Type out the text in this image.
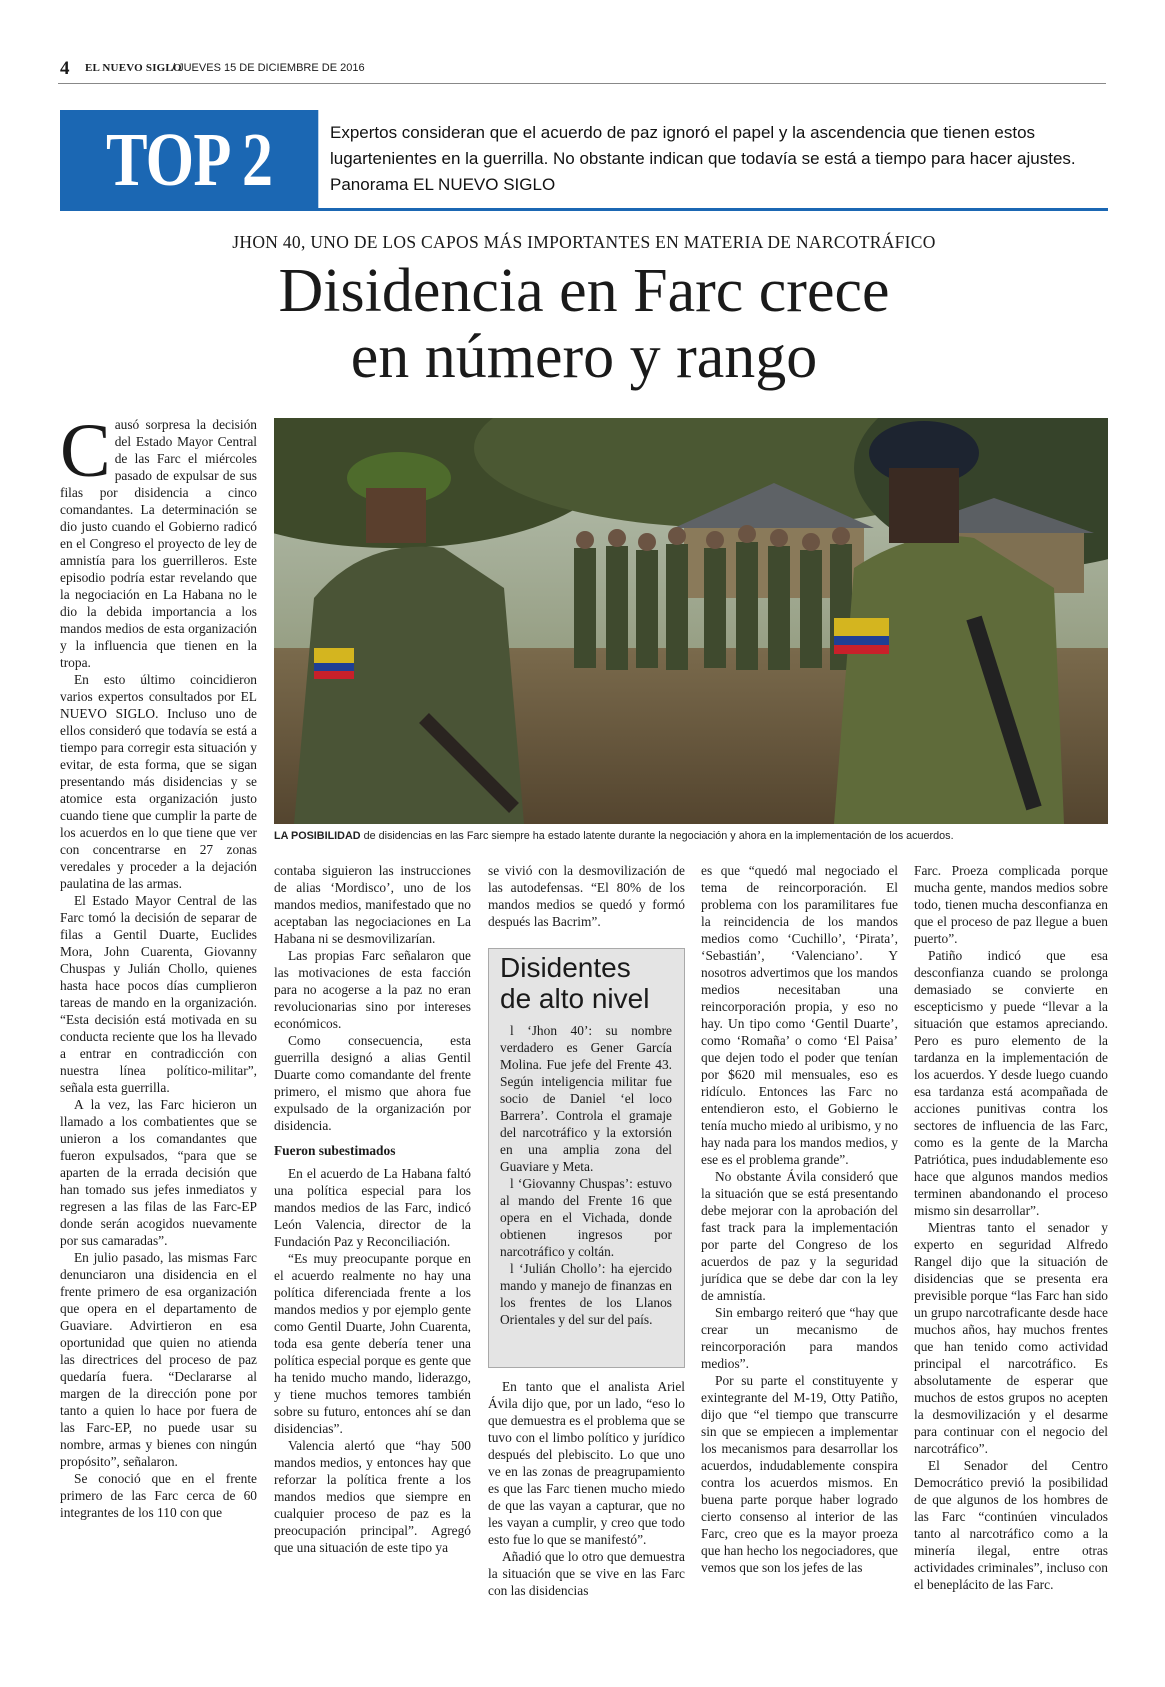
4 EL NUEVO SIGLO
/ JUEVES 15 DE DICIEMBRE DE 2016
TOP 2	Expertos consideran que el acuerdo de paz ignoró el papel y la ascendencia que tienen estos lugartenientes en la guerrilla. No obstante indican que todavía se está a tiempo para hacer ajustes. Panorama EL NUEVO SIGLO
JHON 40, UNO DE LOS CAPOS MÁS IMPORTANTES EN MATERIA DE NARCOTRÁFICO
Disidencia en Farc crece
en número y rango
LA POSIBILIDAD de disidencias en las Farc siempre ha estado latente durante la negociación y ahora en la implementación de los acuerdos.

Causó sorpresa la decisión del Estado Mayor Central de las Farc el miércoles pasado de expulsar de sus filas por disidencia a cinco comandantes. La determinación se dio justo cuando el Gobierno radicó en el Congreso el proyecto de ley de amnistía para los guerrilleros. Este episodio podría estar revelando que la negociación en La Habana no le dio la debida importancia a los mandos medios de esta organización y la influencia que tienen en la tropa.

En esto último coincidieron varios expertos consultados por EL NUEVO SIGLO. Incluso uno de ellos consideró que todavía se está a tiempo para corregir esta situación y evitar, de esta forma, que se sigan presentando más disidencias y se atomice esta organización justo cuando tiene que cumplir la parte de los acuerdos en lo que tiene que ver con concentrarse en 27 zonas veredales y proceder a la dejación paulatina de las armas.

El Estado Mayor Central de las Farc tomó la decisión de separar de filas a Gentil Duarte, Euclides Mora, John Cuarenta, Giovanny Chuspas y Julián Chollo, quienes hasta hace pocos días cumplieron tareas de mando en la organización. “Esta decisión está motivada en su conducta reciente que los ha llevado a entrar en contradicción con nuestra línea político-militar”, señala esta guerrilla.

A la vez, las Farc hicieron un llamado a los combatientes que se unieron a los comandantes que fueron expulsados, “para que se aparten de la errada decisión que han tomado sus jefes inmediatos y regresen a las filas de las Farc-EP donde serán acogidos nuevamente por sus camaradas”.

En julio pasado, las mismas Farc denunciaron una disidencia en el frente primero de esa organización que opera en el departamento de Guaviare. Advirtieron en esa oportunidad que quien no atienda las directrices del proceso de paz quedaría fuera. “Declararse al margen de la dirección pone por tanto a quien lo hace por fuera de las Farc-EP, no puede usar su nombre, armas y bienes con ningún propósito”, señalaron.

Se conoció que en el frente primero de las Farc cerca de 60 integrantes de los 110 con que

contaba siguieron las instrucciones de alias ‘Mordisco’, uno de los mandos medios, manifestado que no aceptaban las negociaciones en La Habana ni se desmovilizarían.

Las propias Farc señalaron que las motivaciones de esta facción para no acogerse a la paz no eran revolucionarias sino por intereses económicos.

Como consecuencia, esta guerrilla designó a alias Gentil Duarte como comandante del frente primero, el mismo que ahora fue expulsado de la organización por disidencia.

Fueron subestimados

En el acuerdo de La Habana faltó una política especial para los mandos medios de las Farc, indicó León Valencia, director de la Fundación Paz y Reconciliación.

“Es muy preocupante porque en el acuerdo realmente no hay una política diferenciada frente a los mandos medios y por ejemplo gente como Gentil Duarte, John Cuarenta, toda esa gente debería tener una política especial porque es gente que ha tenido mucho mando, liderazgo, y tiene muchos temores también sobre su futuro, entonces ahí se dan disidencias”.

Valencia alertó que “hay 500 mandos medios, y entonces hay que reforzar la política frente a los mandos medios que siempre en cualquier proceso de paz es la preocupación principal”. Agregó que una situación de este tipo ya

se vivió con la desmovilización de las autodefensas. “El 80% de los mandos medios se quedó y formó después las Bacrim”.

En tanto que el analista Ariel Ávila dijo que, por un lado, “eso lo que demuestra es el problema que se tuvo con el limbo político y jurídico después del plebiscito. Lo que uno ve en las zonas de preagrupamiento es que las Farc tienen mucho miedo de que las vayan a capturar, que no les vayan a cumplir, y creo que todo esto fue lo que se manifestó”.

Añadió que lo otro que demuestra la situación que se vive en las Farc con las disidencias

Disidentes
de alto nivel

l ‘Jhon 40’: su nombre verdadero es Gener García Molina. Fue jefe del Frente 43. Según inteligencia militar fue socio de Daniel ‘el loco Barrera’. Controla el gramaje del narcotráfico y la extorsión en una amplia zona del Guaviare y Meta.

l ‘Giovanny Chuspas’: estuvo al mando del Frente 16 que opera en el Vichada, donde obtienen ingresos por narcotráfico y coltán.

l ‘Julián Chollo’: ha ejercido mando y manejo de finanzas en los frentes de los Llanos Orientales y del sur del país.

es que “quedó mal negociado el tema de reincorporación. El problema con los paramilitares fue la reincidencia de los mandos medios como ‘Cuchillo’, ‘Pirata’, ‘Sebastián’, ‘Valenciano’. Y nosotros advertimos que los mandos medios necesitaban una reincorporación propia, y eso no hay. Un tipo como ‘Gentil Duarte’, como ‘Romaña’ o como ‘El Paisa’ que dejen todo el poder que tenían por $620 mil mensuales, eso es ridículo. Entonces las Farc no entendieron esto, el Gobierno le tenía mucho miedo al uribismo, y no hay nada para los mandos medios, y ese es el problema grande”.

No obstante Ávila consideró que la situación que se está presentando debe mejorar con la aprobación del fast track para la implementación por parte del Congreso de los acuerdos de paz y la seguridad jurídica que se debe dar con la ley de amnistía.

Sin embargo reiteró que “hay que crear un mecanismo de reincorporación para mandos medios”.

Por su parte el constituyente y exintegrante del M-19, Otty Patiño, dijo que “el tiempo que transcurre sin que se empiecen a implementar los mecanismos para desarrollar los acuerdos, indudablemente conspira contra los acuerdos mismos. En buena parte porque haber logrado cierto consenso al interior de las Farc, creo que es la mayor proeza que han hecho los negociadores, que vemos que son los jefes de las

Farc. Proeza complicada porque mucha gente, mandos medios sobre todo, tienen mucha desconfianza en que el proceso de paz llegue a buen puerto”.

Patiño indicó que esa desconfianza cuando se prolonga demasiado se convierte en escepticismo y puede “llevar a la situación que estamos apreciando. Pero es puro elemento de la tardanza en la implementación de los acuerdos. Y desde luego cuando esa tardanza está acompañada de acciones punitivas contra los sectores de influencia de las Farc, como es la gente de la Marcha Patriótica, pues indudablemente eso hace que algunos mandos medios terminen abandonando el proceso mismo sin desarrollar”.

Mientras tanto el senador y experto en seguridad Alfredo Rangel dijo que la situación de disidencias que se presenta era previsible porque “las Farc han sido un grupo narcotraficante desde hace muchos años, hay muchos frentes que han tenido como actividad principal el narcotráfico. Es absolutamente de esperar que muchos de estos grupos no acepten la desmovilización y el desarme para continuar con el negocio del narcotráfico”.

El Senador del Centro Democrático previó la posibilidad de que algunos de los hombres de las Farc “continúen vinculados tanto al narcotráfico como a la minería ilegal, entre otras actividades criminales”, incluso con el beneplácito de las Farc.
